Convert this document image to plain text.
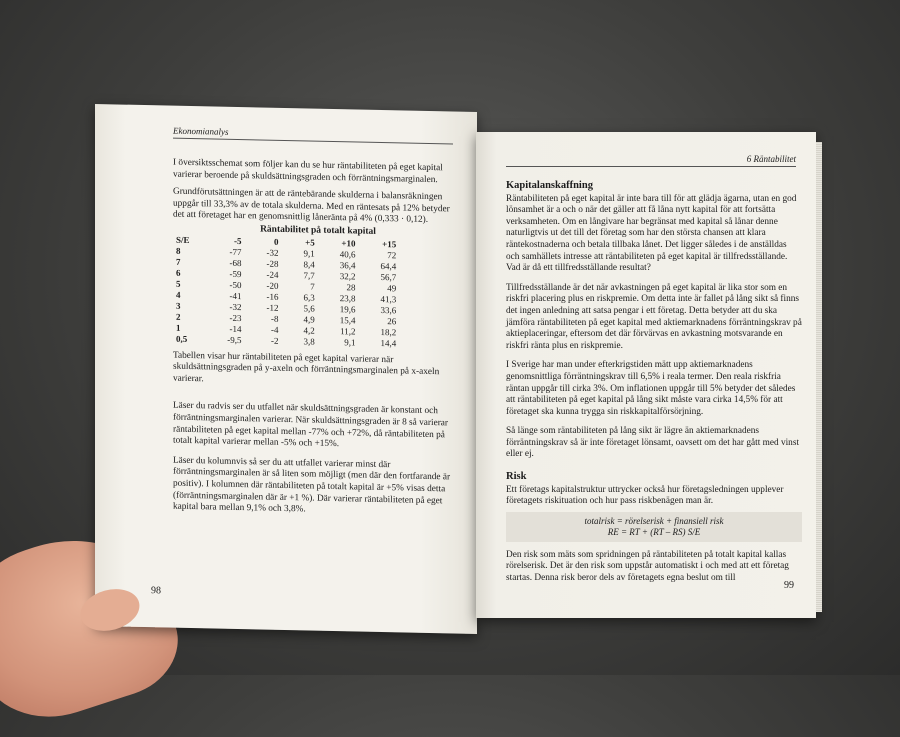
Ekonomianalys

I översiktsschemat som följer kan du se hur räntabiliteten på eget kapital varierar beroende på skuldsättningsgraden och förräntningsmarginalen.

Grundförutsättningen är att de räntebärande skulderna i balansräkningen uppgår till 33,3% av de totala skulderna. Med en räntesats på 12% betyder det att företaget har en genomsnittlig låneränta på 4% (0,333 · 0,12).

Räntabilitet på totalt kapital
S/E	-5	0	+5	+10	+15
8	-77	-32	9,1	40,6	72
7	-68	-28	8,4	36,4	64,4
6	-59	-24	7,7	32,2	56,7
5	-50	-20	7	28	49
4	-41	-16	6,3	23,8	41,3
3	-32	-12	5,6	19,6	33,6
2	-23	-8	4,9	15,4	26
1	-14	-4	4,2	11,2	18,2
0,5	-9,5	-2	3,8	9,1	14,4

Tabellen visar hur räntabiliteten på eget kapital varierar när skuldsättningsgraden på y-axeln och förräntningsmarginalen på x-axeln varierar.

Läser du radvis ser du utfallet när skuldsättningsgraden är konstant och förräntningsmarginalen varierar. När skuldsättningsgraden är 8 så varierar räntabiliteten på eget kapital mellan -77% och +72%, då räntabiliteten på totalt kapital varierar mellan -5% och +15%.

Läser du kolumnvis så ser du att utfallet varierar minst där förräntningsmarginalen är så liten som möjligt (men där den fortfarande är positiv). I kolumnen där räntabiliteten på totalt kapital är +5% visas detta (förräntningsmarginalen där är +1 %). Där varierar räntabiliteten på eget kapital bara mellan 9,1% och 3,8%.

98
6 Räntabilitet

Kapitalanskaffning

Räntabiliteten på eget kapital är inte bara till för att glädja ägarna, utan en god lönsamhet är a och o när det gäller att få låna nytt kapital för att fortsätta verksamheten. Om en långivare har begränsat med kapital så lånar denne naturligtvis ut det till det företag som har den största chansen att klara räntekostnaderna och betala tillbaka lånet. Det ligger således i de anställdas och samhällets intresse att räntabiliteten på eget kapital är tillfredsställande. Vad är då ett tillfredsställande resultat?

Tillfredsställande är det när avkastningen på eget kapital är lika stor som en riskfri placering plus en riskpremie. Om detta inte är fallet på lång sikt så finns det ingen anledning att satsa pengar i ett företag. Detta betyder att du ska jämföra räntabiliteten på eget kapital med aktiemarknadens förräntningskrav på aktieplaceringar, eftersom det där förvärvas en avkastning motsvarande en riskfri ränta plus en riskpremie.

I Sverige har man under efterkrigstiden mätt upp aktiemarknadens genomsnittliga förräntningskrav till 6,5% i reala termer. Den reala riskfria räntan uppgår till cirka 3%. Om inflationen uppgår till 5% betyder det således att räntabiliteten på eget kapital på lång sikt måste vara cirka 14,5% för att företaget ska kunna trygga sin riskkapitalförsörjning.

Så länge som räntabiliteten på lång sikt är lägre än aktiemarknadens förräntningskrav så är inte företaget lönsamt, oavsett om det har gått med vinst eller ej.

Risk

Ett företags kapitalstruktur uttrycker också hur företagsledningen upplever företagets riskituation och hur pass riskbenägen man är.

totalrisk = rörelserisk + finansiell risk
RE = RT + (RT – RS) S/E

Den risk som mäts som spridningen på räntabiliteten på totalt kapital kallas rörelserisk. Det är den risk som uppstår automatiskt i och med att ett företag startas. Denna risk beror dels av företagets egna beslut om till

99
